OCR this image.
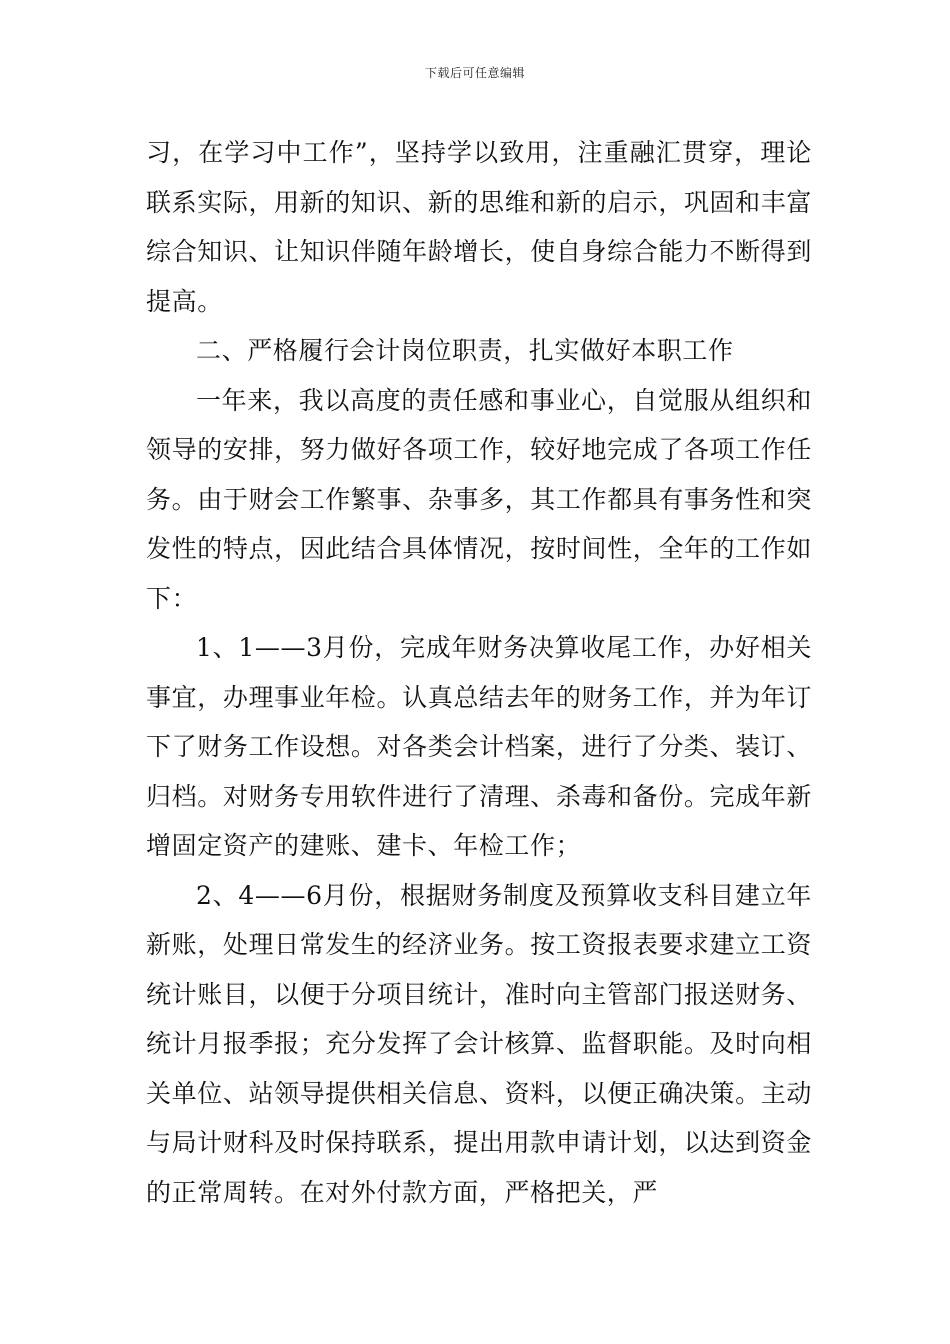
下载后可任意编辑

习，在学习中工作”，坚持学以致用，注重融汇贯穿，理论联系实际，用新的知识、新的思维和新的启示，巩固和丰富综合知识、让知识伴随年龄增长，使自身综合能力不断得到提高。

二、严格履行会计岗位职责，扎实做好本职工作

一年来，我以高度的责任感和事业心，自觉服从组织和领导的安排，努力做好各项工作，较好地完成了各项工作任务。由于财会工作繁事、杂事多，其工作都具有事务性和突发性的特点，因此结合具体情况，按时间性，全年的工作如下：

1、1——3月份，完成年财务决算收尾工作，办好相关事宜，办理事业年检。认真总结去年的财务工作，并为年订下了财务工作设想。对各类会计档案，进行了分类、装订、归档。对财务专用软件进行了清理、杀毒和备份。完成年新增固定资产的建账、建卡、年检工作；

2、4——6月份，根据财务制度及预算收支科目建立年新账，处理日常发生的经济业务。按工资报表要求建立工资统计账目，以便于分项目统计，准时向主管部门报送财务、统计月报季报；充分发挥了会计核算、监督职能。及时向相关单位、站领导提供相关信息、资料，以便正确决策。主动与局计财科及时保持联系，提出用款申请计划，以达到资金的正常周转。在对外付款方面，严格把关，严
